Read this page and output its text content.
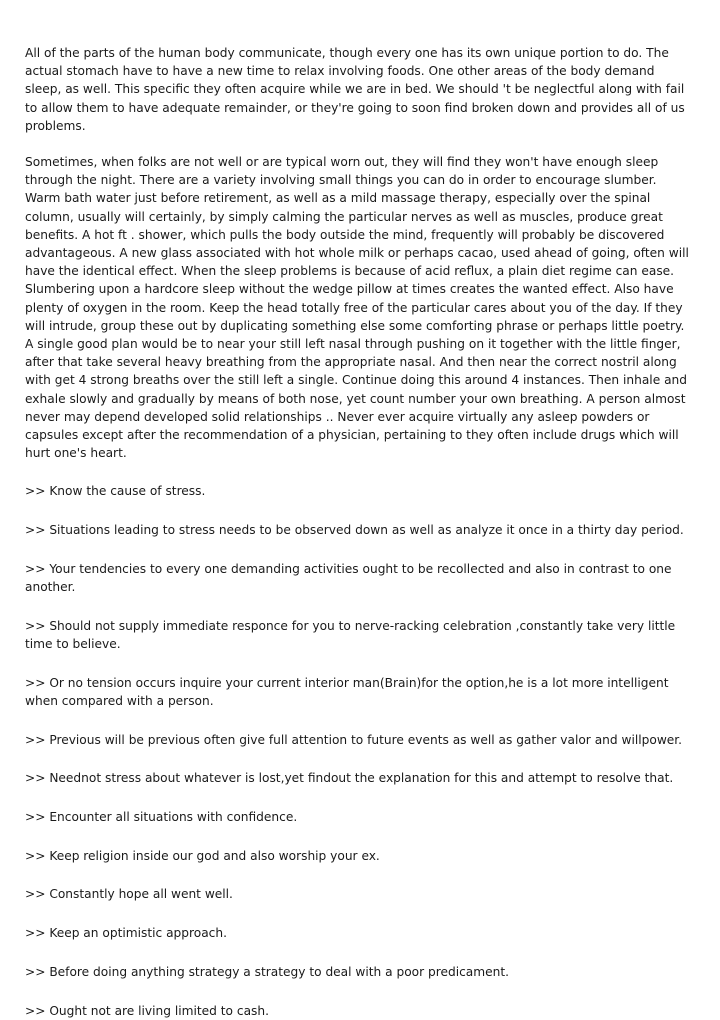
All of the parts of the human body communicate, though every one has its own unique portion to do. The actual stomach have to have a new time to relax involving foods. One other areas of the body demand sleep, as well. This specific they often acquire while we are in bed. We should 't be neglectful along with fail to allow them to have adequate remainder, or they're going to soon find broken down and provides all of us problems.

Sometimes, when folks are not well or are typical worn out, they will find they won't have enough sleep through the night. There are a variety involving small things you can do in order to encourage slumber. Warm bath water just before retirement, as well as a mild massage therapy, especially over the spinal column, usually will certainly, by simply calming the particular nerves as well as muscles, produce great benefits. A hot ft . shower, which pulls the body outside the mind, frequently will probably be discovered advantageous. A new glass associated with hot whole milk or perhaps cacao, used ahead of going, often will have the identical effect. When the sleep problems is because of acid reflux, a plain diet regime can ease. Slumbering upon a hardcore sleep without the wedge pillow at times creates the wanted effect. Also have plenty of oxygen in the room. Keep the head totally free of the particular cares about you of the day. If they will intrude, group these out by duplicating something else some comforting phrase or perhaps little poetry. A single good plan would be to near your still left nasal through pushing on it together with the little finger, after that take several heavy breathing from the appropriate nasal. And then near the correct nostril along with get 4 strong breaths over the still left a single. Continue doing this around 4 instances. Then inhale and exhale slowly and gradually by means of both nose, yet count number your own breathing. A person almost never may depend developed solid relationships .. Never ever acquire virtually any asleep powders or capsules except after the recommendation of a physician, pertaining to they often include drugs which will hurt one's heart.

>> Know the cause of stress.
>> Situations leading to stress needs to be observed down as well as analyze it once in a thirty day period.
>> Your tendencies to every one demanding activities ought to be recollected and also in contrast to one another.
>> Should not supply immediate responce for you to nerve-racking celebration ,constantly take very little time to believe.
>> Or no tension occurs inquire your current interior man(Brain)for the option,he is a lot more intelligent when compared with a person.
>> Previous will be previous often give full attention to future events as well as gather valor and willpower.
>> Neednot stress about whatever is lost,yet findout the explanation for this and attempt to resolve that.
>> Encounter all situations with confidence.
>> Keep religion inside our god and also worship your ex.
>> Constantly hope all went well.
>> Keep an optimistic approach.
>> Before doing anything strategy a strategy to deal with a poor predicament.
>> Ought not are living limited to cash.
